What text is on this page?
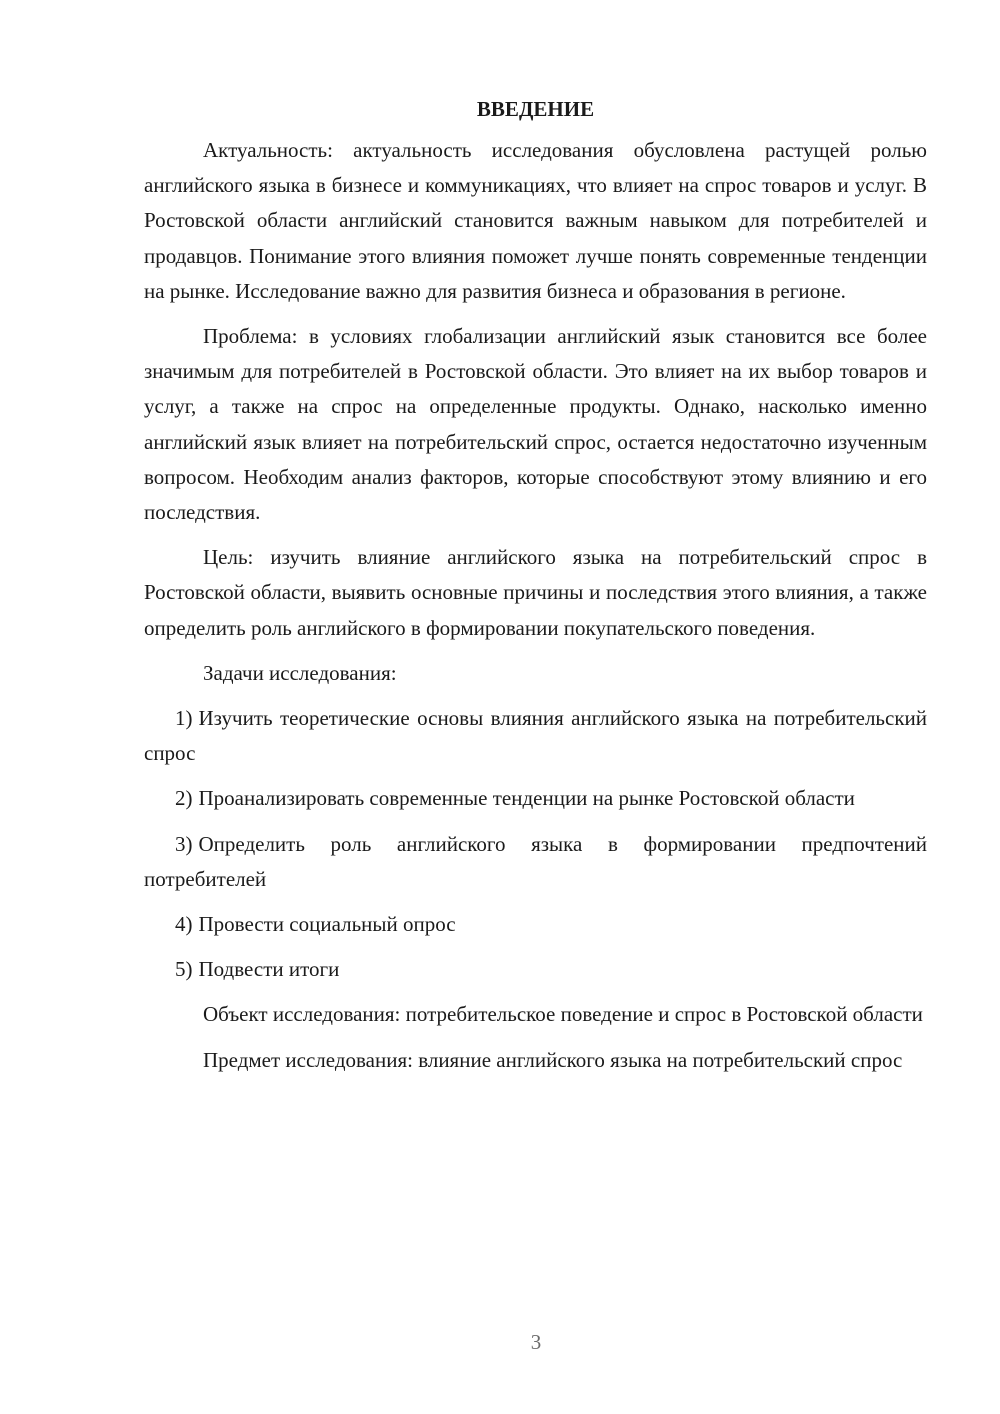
ВВЕДЕНИЕ

Актуальность: актуальность исследования обусловлена растущей ролью английского языка в бизнесе и коммуникациях, что влияет на спрос товаров и услуг. В Ростовской области английский становится важным навыком для потребителей и продавцов. Понимание этого влияния поможет лучше понять современные тенденции на рынке. Исследование важно для развития бизнеса и образования в регионе.

Проблема: в условиях глобализации английский язык становится все более значимым для потребителей в Ростовской области. Это влияет на их выбор товаров и услуг, а также на спрос на определенные продукты. Однако, насколько именно английский язык влияет на потребительский спрос, остается недостаточно изученным вопросом. Необходим анализ факторов, которые способствуют этому влиянию и его последствия.

Цель: изучить влияние английского языка на потребительский спрос в Ростовской области, выявить основные причины и последствия этого влияния, а также определить роль английского в формировании покупательского поведения.

Задачи исследования:

1) Изучить теоретические основы влияния английского языка на потребительский спрос

2) Проанализировать современные тенденции на рынке Ростовской области

3) Определить роль английского языка в формировании предпочтений потребителей

4) Провести социальный опрос

5) Подвести итоги

Объект исследования: потребительское поведение и спрос в Ростовской области

Предмет исследования: влияние английского языка на потребительский спрос

3
